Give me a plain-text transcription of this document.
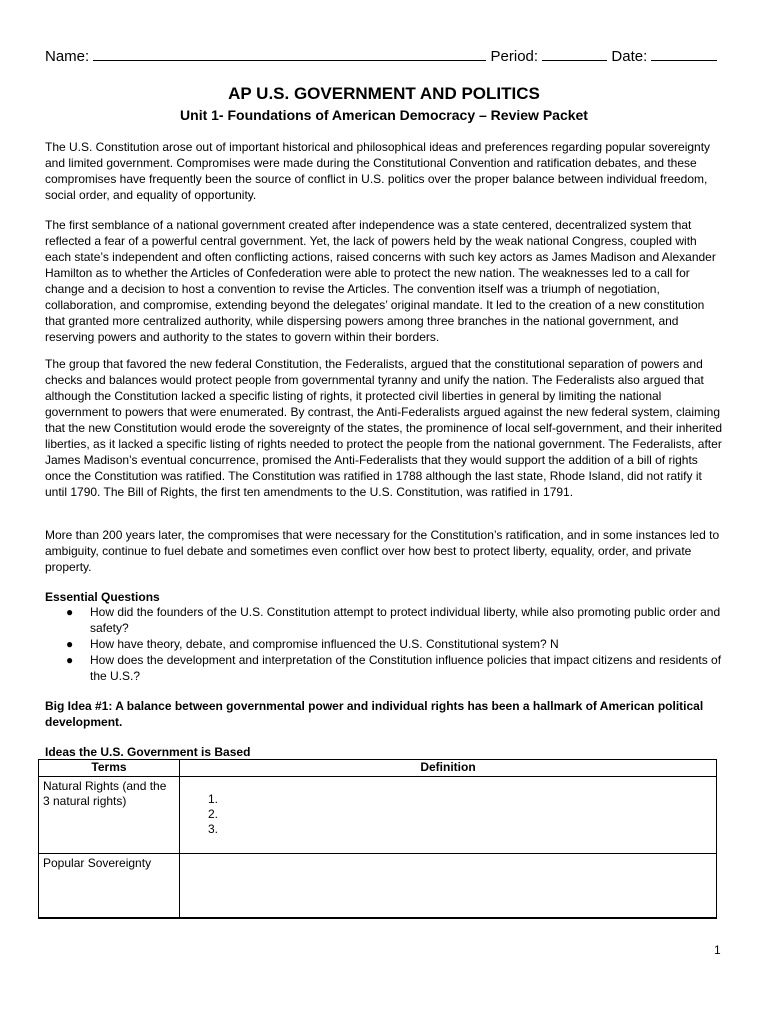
Name:	Period:	Date:
AP U.S. GOVERNMENT AND POLITICS
Unit 1- Foundations of American Democracy – Review Packet

The U.S. Constitution arose out of important historical and philosophical ideas and preferences regarding popular sovereignty and limited government. Compromises were made during the Constitutional Convention and ratification debates, and these compromises have frequently been the source of conflict in U.S. politics over the proper balance between individual freedom, social order, and equality of opportunity.

The first semblance of a national government created after independence was a state centered, decentralized system that reflected a fear of a powerful central government. Yet, the lack of powers held by the weak national Congress, coupled with each state’s independent and often conflicting actions, raised concerns with such key actors as James Madison and Alexander Hamilton as to whether the Articles of Confederation were able to protect the new nation. The weaknesses led to a call for change and a decision to host a convention to revise the Articles. The convention itself was a triumph of negotiation, collaboration, and compromise, extending beyond the delegates’ original mandate. It led to the creation of a new constitution that granted more centralized authority, while dispersing powers among three branches in the national government, and reserving powers and authority to the states to govern within their borders.

The group that favored the new federal Constitution, the Federalists, argued that the constitutional separation of powers and checks and balances would protect people from governmental tyranny and unify the nation. The Federalists also argued that although the Constitution lacked a specific listing of rights, it protected civil liberties in general by limiting the national government to powers that were enumerated. By contrast, the Anti-Federalists argued against the new federal system, claiming that the new Constitution would erode the sovereignty of the states, the prominence of local self-government, and their inherited liberties, as it lacked a specific listing of rights needed to protect the people from the national government. The Federalists, after James Madison’s eventual concurrence, promised the Anti-Federalists that they would support the addition of a bill of rights once the Constitution was ratified. The Constitution was ratified in 1788 although the last state, Rhode Island, did not ratify it until 1790. The Bill of Rights, the first ten amendments to the U.S. Constitution, was ratified in 1791.

More than 200 years later, the compromises that were necessary for the Constitution’s ratification, and in some instances led to ambiguity, continue to fuel debate and sometimes even conflict over how best to protect liberty, equality, order, and private property.

Essential Questions
● How did the founders of the U.S. Constitution attempt to protect individual liberty, while also promoting public order and safety?
● How have theory, debate, and compromise influenced the U.S. Constitutional system? N
● How does the development and interpretation of the Constitution influence policies that impact citizens and residents of the U.S.?
Big Idea #1: A balance between governmental power and individual rights has been a hallmark of American political development.
Ideas the U.S. Government is Based
Terms	Definition
Natural Rights (and the 3 natural rights)	1.
2.
3.

Popular Sovereignty	
1
